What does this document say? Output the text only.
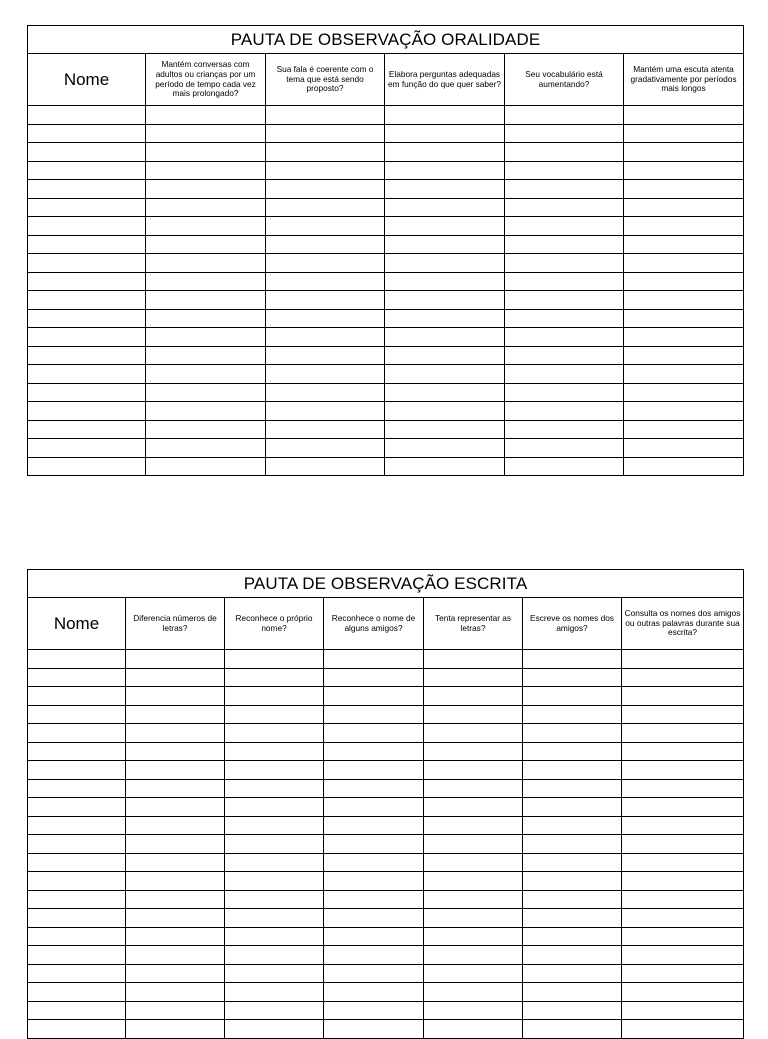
PAUTA DE OBSERVAÇÃO ORALIDADE					
Nome	Mantém conversas com adultos ou crianças por um período de tempo cada vez mais prolongado?	Sua fala é coerente com o tema que está sendo proposto?	Elabora perguntas adequadas em função do que quer saber?	Seu vocabulário está aumentando?	Mantém uma escuta atenta gradativamente por períodos mais longos

PAUTA DE OBSERVAÇÃO ESCRITA						
Nome	Diferencia números de letras?	Reconhece o próprio nome?	Reconhece o nome de alguns amigos?	Tenta representar as letras?	Escreve os nomes dos amigos?	Consulta os nomes dos amigos ou outras palavras durante sua escrita?
